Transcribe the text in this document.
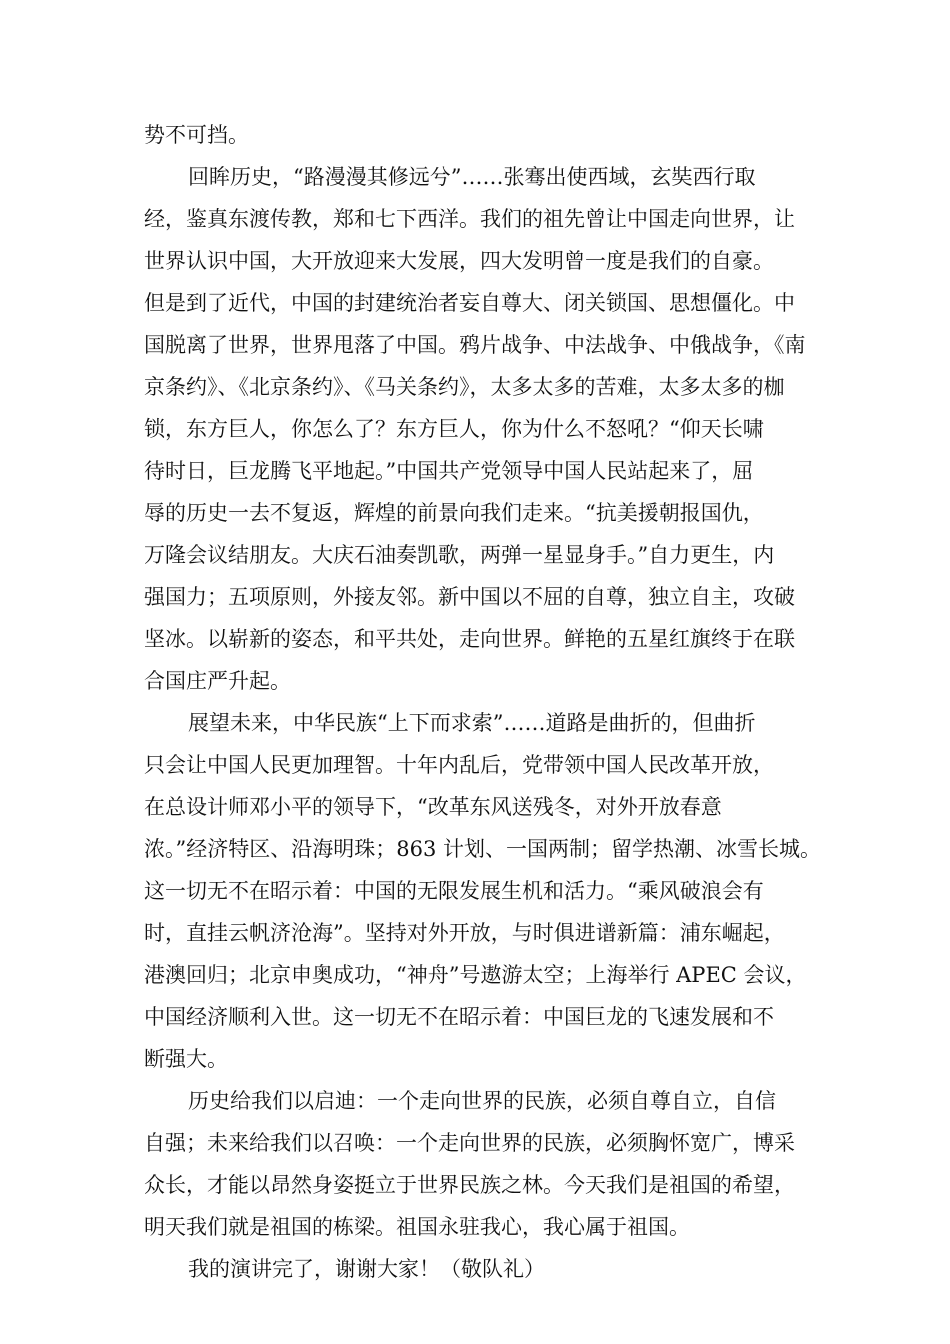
势不可挡。
回眸历史，“路漫漫其修远兮”……张骞出使西域，玄奘西行取
经，鉴真东渡传教，郑和七下西洋。我们的祖先曾让中国走向世界，让
世界认识中国，大开放迎来大发展，四大发明曾一度是我们的自豪。
但是到了近代，中国的封建统治者妄自尊大、闭关锁国、思想僵化。中
国脱离了世界，世界甩落了中国。鸦片战争、中法战争、中俄战争，《南
京条约》、《北京条约》、《马关条约》，太多太多的苦难，太多太多的枷
锁，东方巨人，你怎么了？东方巨人，你为什么不怒吼？“仰天长啸
待时日，巨龙腾飞平地起。”中国共产党领导中国人民站起来了，屈
辱的历史一去不复返，辉煌的前景向我们走来。“抗美援朝报国仇，
万隆会议结朋友。大庆石油奏凯歌，两弹一星显身手。”自力更生，内
强国力；五项原则，外接友邻。新中国以不屈的自尊，独立自主，攻破
坚冰。以崭新的姿态，和平共处，走向世界。鲜艳的五星红旗终于在联
合国庄严升起。
展望未来，中华民族“上下而求索”……道路是曲折的，但曲折
只会让中国人民更加理智。十年内乱后，党带领中国人民改革开放，
在总设计师邓小平的领导下，“改革东风送残冬，对外开放春意
浓。”经济特区、沿海明珠；863 计划、一国两制；留学热潮、冰雪长城。
这一切无不在昭示着：中国的无限发展生机和活力。“乘风破浪会有
时，直挂云帆济沧海”。坚持对外开放，与时俱进谱新篇：浦东崛起，
港澳回归；北京申奥成功，“神舟”号遨游太空；上海举行 APEC 会议，
中国经济顺利入世。这一切无不在昭示着：中国巨龙的飞速发展和不
断强大。
历史给我们以启迪：一个走向世界的民族，必须自尊自立，自信
自强；未来给我们以召唤：一个走向世界的民族，必须胸怀宽广，博采
众长，才能以昂然身姿挺立于世界民族之林。今天我们是祖国的希望，
明天我们就是祖国的栋梁。祖国永驻我心，我心属于祖国。
我的演讲完了，谢谢大家！（敬队礼）
